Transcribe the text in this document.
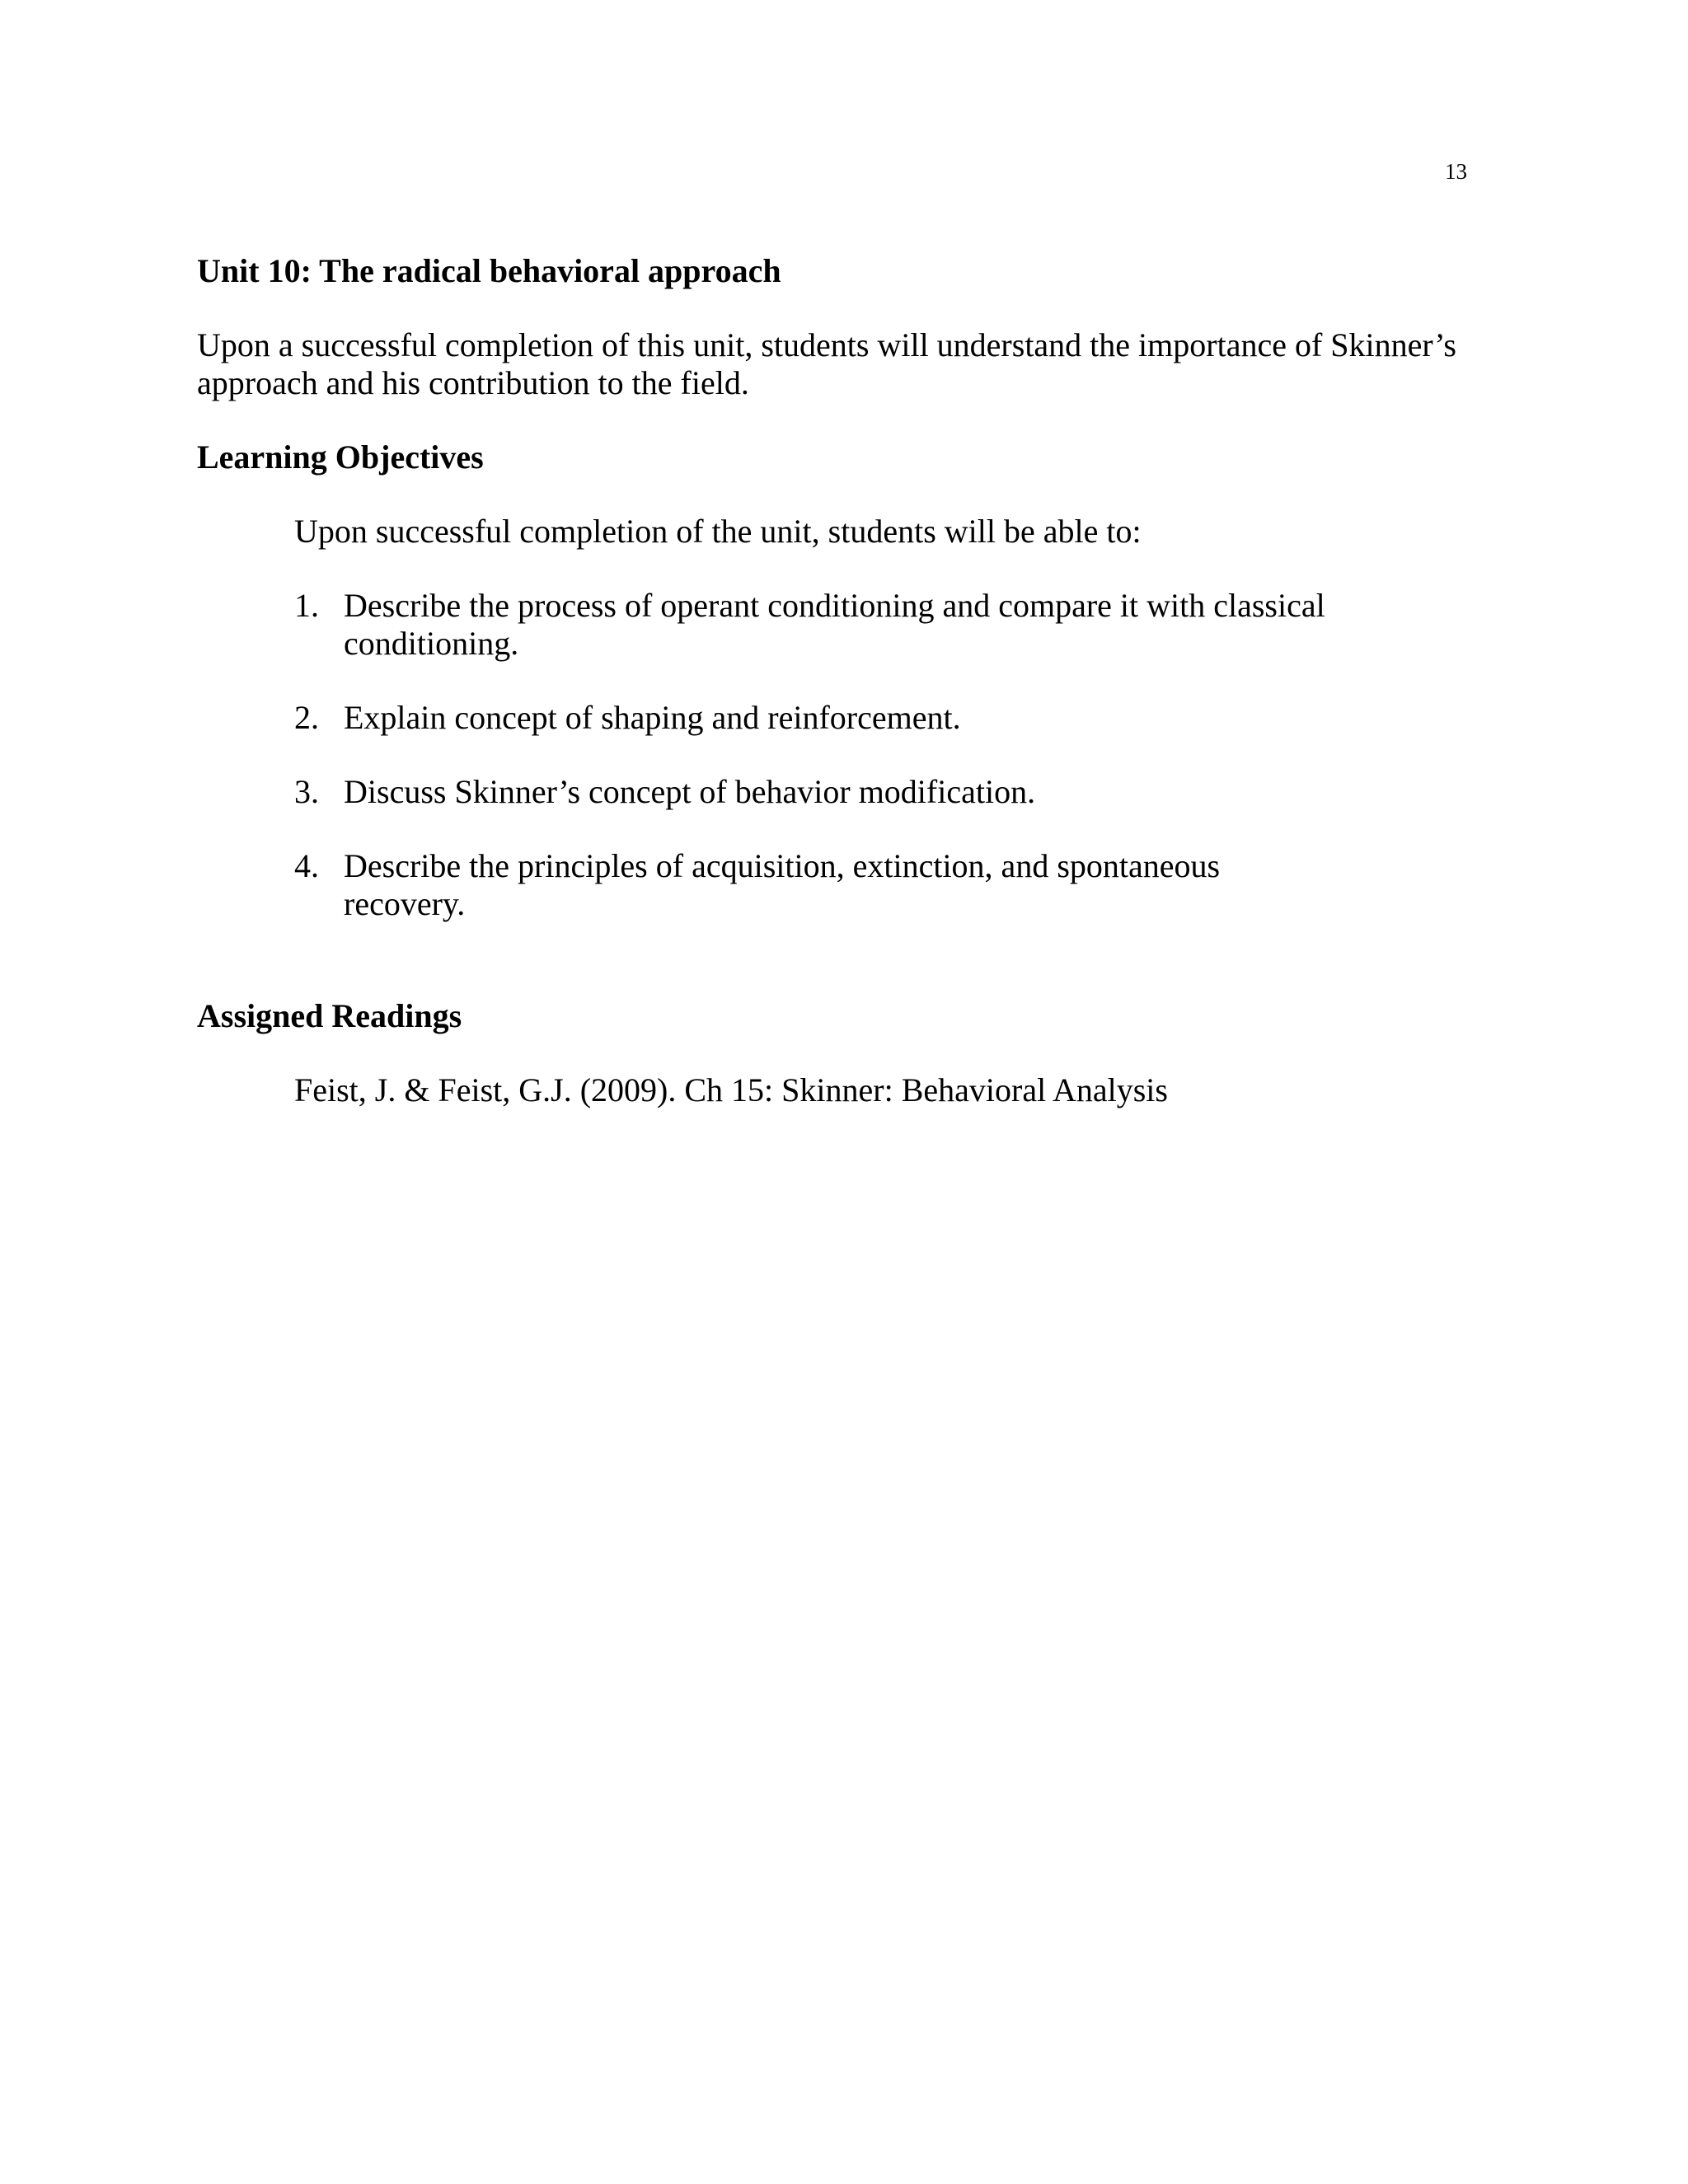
13

Unit 10: The radical behavioral approach

Upon a successful completion of this unit, students will understand the importance of Skinner’s approach and his contribution to the field.

Learning Objectives

Upon successful completion of the unit, students will be able to:

1. Describe the process of operant conditioning and compare it with classical conditioning.
2. Explain concept of shaping and reinforcement.
3. Discuss Skinner’s concept of behavior modification.
4. Describe the principles of acquisition, extinction, and spontaneous recovery.

Assigned Readings

Feist, J. & Feist, G.J. (2009). Ch 15: Skinner: Behavioral Analysis
